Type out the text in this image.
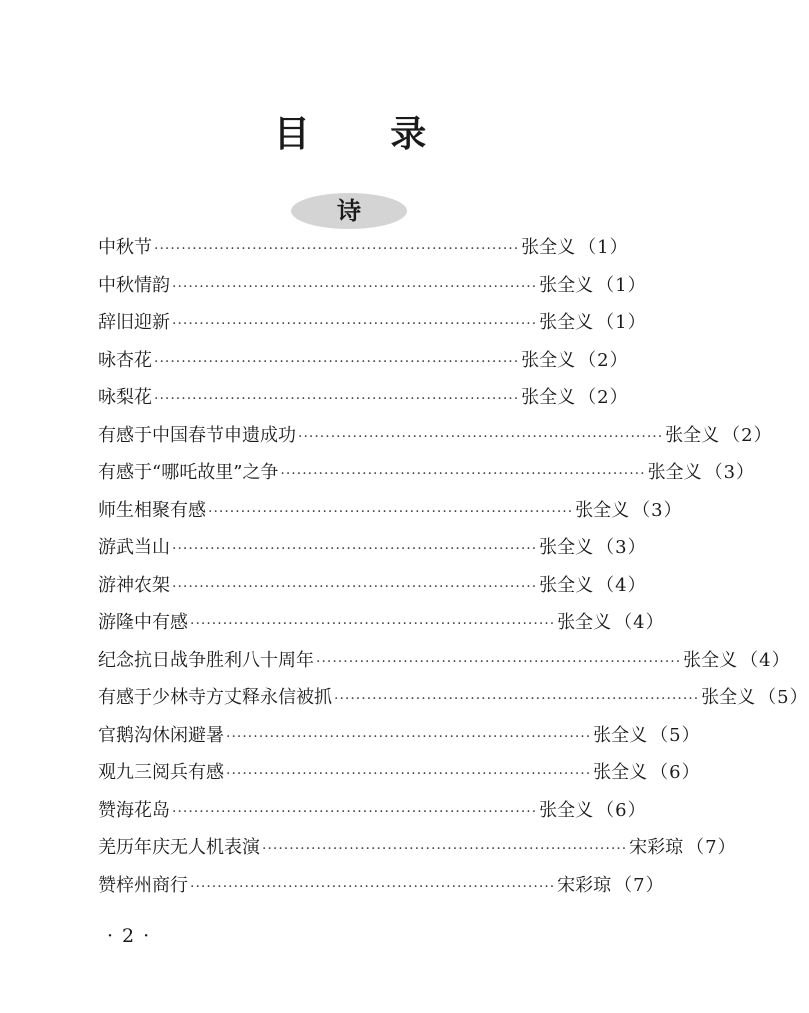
目 录
诗
中秋节 ··································································· 张全义 （1）
中秋情韵 ··································································· 张全义 （1）
辞旧迎新 ··································································· 张全义 （1）
咏杏花 ··································································· 张全义 （2）
咏梨花 ··································································· 张全义 （2）
有感于中国春节申遗成功 ··································································· 张全义 （2）
有感于“哪吒故里”之争 ··································································· 张全义 （3）
师生相聚有感 ··································································· 张全义 （3）
游武当山 ··································································· 张全义 （3）
游神农架 ··································································· 张全义 （4）
游隆中有感 ··································································· 张全义 （4）
纪念抗日战争胜利八十周年 ··································································· 张全义 （4）
有感于少林寺方丈释永信被抓 ··································································· 张全义 （5）
官鹅沟休闲避暑 ··································································· 张全义 （5）
观九三阅兵有感 ··································································· 张全义 （6）
赞海花岛 ··································································· 张全义 （6）
羌历年庆无人机表演 ··································································· 宋彩琼 （7）
赞梓州商行 ··································································· 宋彩琼 （7）
· 2 ·
